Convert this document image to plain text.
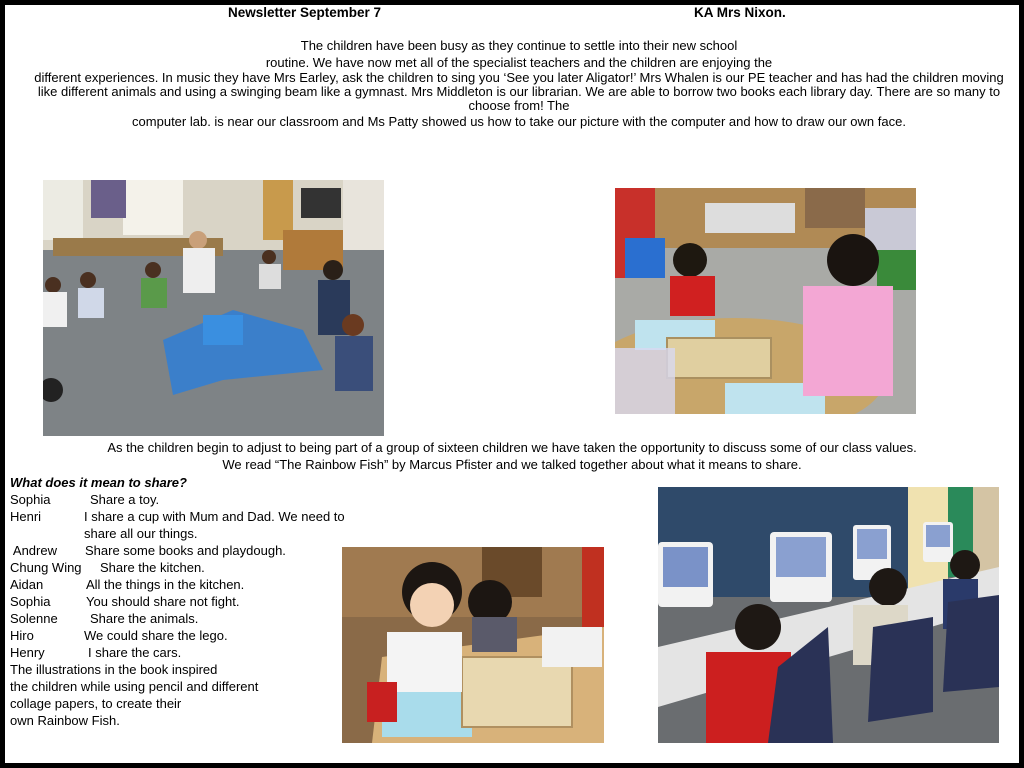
Newsletter September 7	KA Mrs Nixon.
The children have been busy as they continue to settle into their new school
routine. We have now met all of the specialist teachers and the children are enjoying the
different experiences. In music they have Mrs Earley, ask the children to sing you ‘See you later Aligator!’ Mrs Whalen is our PE teacher and has had the children moving like different animals and using a swinging beam like a gymnast. Mrs Middleton is our librarian. We are able to borrow two books each library day. There are so many to choose from! The
computer lab. is near our classroom and Ms Patty showed us how to take our picture with the computer and how to draw our own face.
As the children begin to adjust to being part of a group of sixteen children we have taken the opportunity to discuss some of our class values.
We read “The Rainbow Fish” by Marcus Pfister and we talked together about what it means to share.
What does it mean to share?
Sophia	Share a toy.
Henri	I share a cup with Mum and Dad. We need to
share all our things.
Andrew	Share some books and playdough.
Chung Wing	Share the kitchen.
Aidan	All the things in the kitchen.
Sophia	You should share not fight.
Solenne	Share the animals.
Hiro	We could share the lego.
Henry	I share the cars.
The illustrations in the book inspired
the children while using pencil and different
collage papers, to create their
own Rainbow Fish.
